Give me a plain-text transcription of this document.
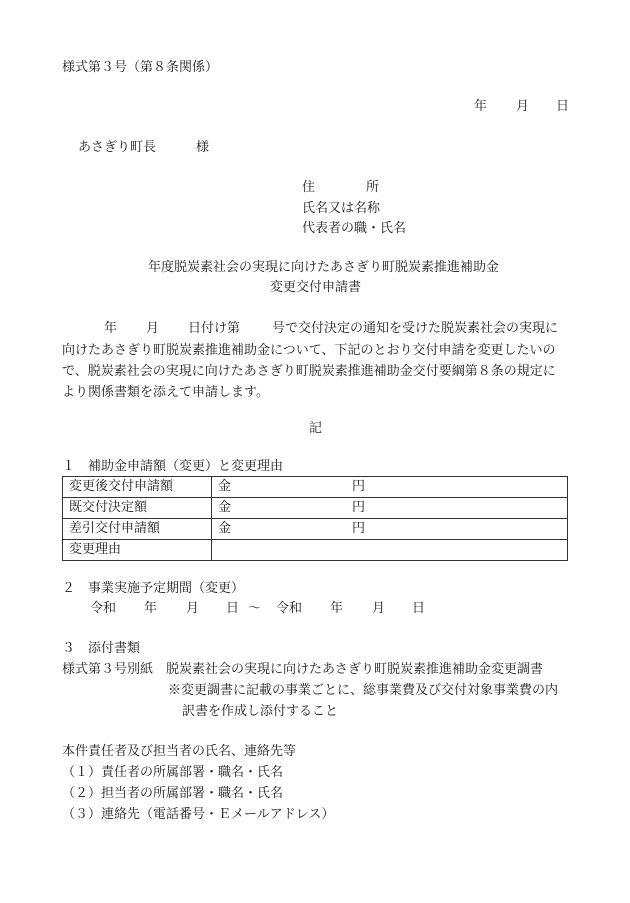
様式第３号（第８条関係）
年 月 日
あさぎり町長	様
住	所
氏名又は名称
代表者の職・氏名
年度脱炭素社会の実現に向けたあさぎり町脱炭素推進補助金
変更交付申請書
年 月 日付け第 号で交付決定の通知を受けた脱炭素社会の実現に
向けたあさぎり町脱炭素推進補助金について、下記のとおり交付申請を変更したいの
で、脱炭素社会の実現に向けたあさぎり町脱炭素推進補助金交付要綱第８条の規定に
より関係書類を添えて申請します。
記
１　補助金申請額（変更）と変更理由
変更後交付申請額	金 円

既交付決定額	金 円

差引交付申請額	金 円

変更理由	
２　事業実施予定期間（変更）
令和 年 月 日 ～ 令和 年 月 日
３　添付書類
様式第３号別紙　脱炭素社会の実現に向けたあさぎり町脱炭素推進補助金変更調書
※変更調書に記載の事業ごとに、総事業費及び交付対象事業費の内
訳書を作成し添付すること
本件責任者及び担当者の氏名、連絡先等
（１）責任者の所属部署・職名・氏名
（２）担当者の所属部署・職名・氏名
（３）連絡先（電話番号・Ｅメールアドレス）
